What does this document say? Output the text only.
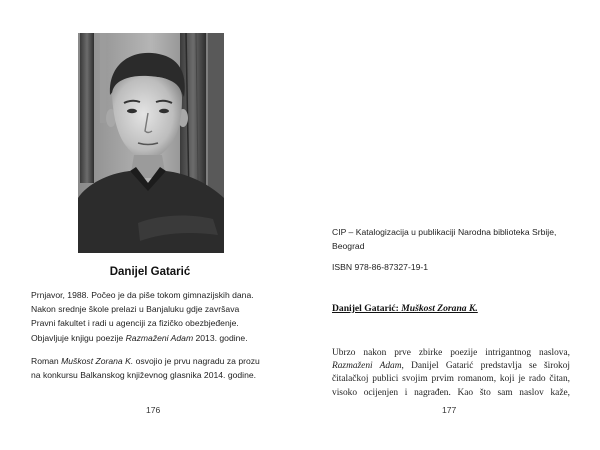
Danijel Gatarić
Prnjavor, 1988. Počeo je da piše tokom gimnazijskih dana.
Nakon srednje škole prelazi u Banjaluku gdje završava
Pravni fakultet i radi u agenciji za fizičko obezbjeđenje.
Objavljuje knjigu poezije Razmaženi Adam 2013. godine.
Roman Muškost Zorana K. osvojio je prvu nagradu za prozu
na konkursu Balkanskog književnog glasnika 2014. godine.
176
CIP – Katalogizacija u publikaciji Narodna biblioteka Srbije,
Beograd
ISBN 978-86-87327-19-1
Danijel Gatarić: Muškost Zorana K.
Ubrzo nakon prve zbirke poezije intrigantnog naslova,
Razmaženi Adam, Danijel Gatarić predstavlja se širokoj
čitalačkoj publici svojim prvim romanom, koji je rado čitan,
visoko ocijenjen i nagrađen. Kao što sam naslov kaže,
177
